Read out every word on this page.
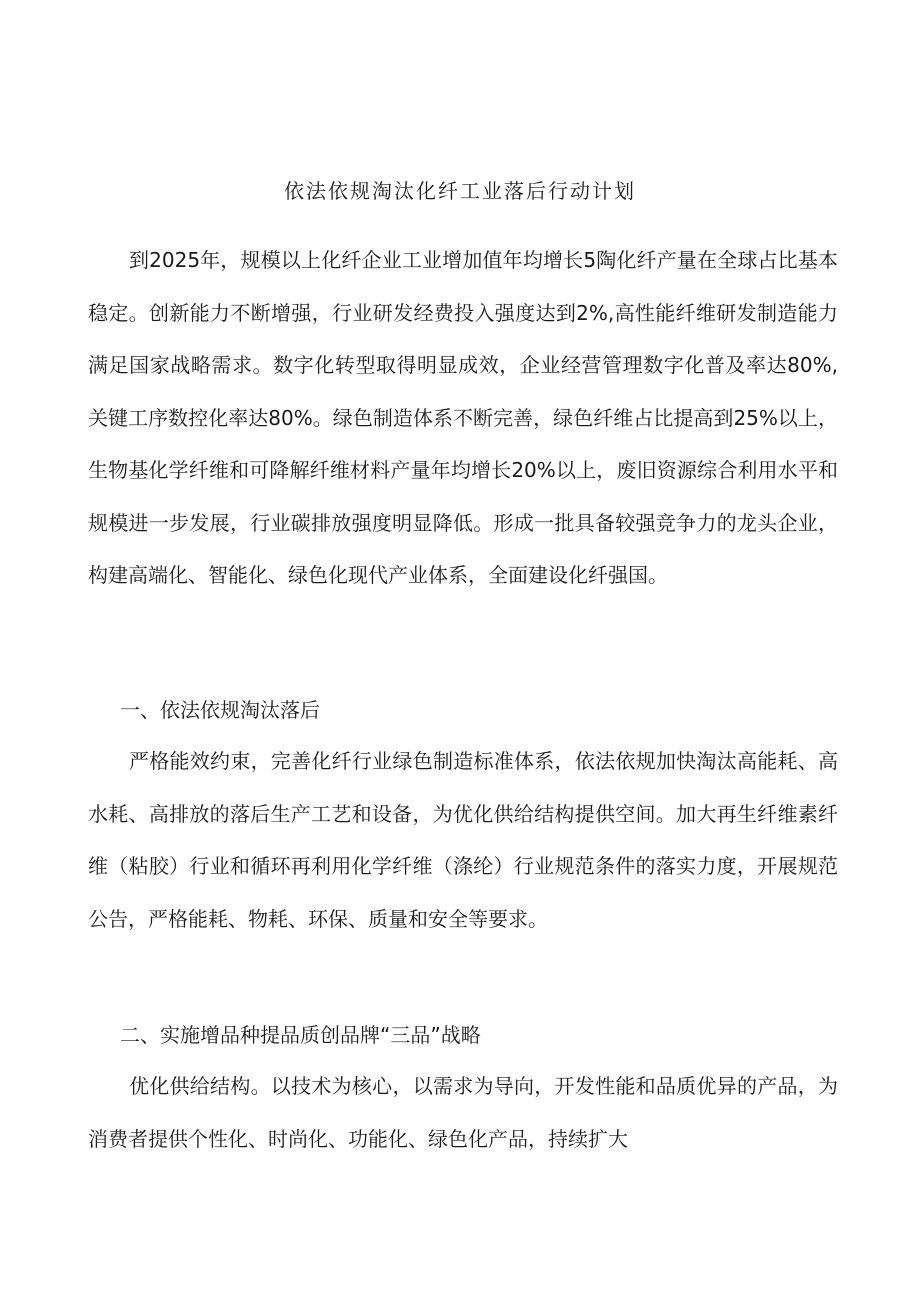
依法依规淘汰化纤工业落后行动计划

到2025年，规模以上化纤企业工业增加值年均增长5陶化纤产量在全球占比基本稳定。创新能力不断增强，行业研发经费投入强度达到2%,高性能纤维研发制造能力满足国家战略需求。数字化转型取得明显成效，企业经营管理数字化普及率达80%,关键工序数控化率达80%。绿色制造体系不断完善，绿色纤维占比提高到25%以上，生物基化学纤维和可降解纤维材料产量年均增长20%以上，废旧资源综合利用水平和规模进一步发展，行业碳排放强度明显降低。形成一批具备较强竞争力的龙头企业，构建高端化、智能化、绿色化现代产业体系，全面建设化纤强国。

一、依法依规淘汰落后

严格能效约束，完善化纤行业绿色制造标准体系，依法依规加快淘汰高能耗、高水耗、高排放的落后生产工艺和设备，为优化供给结构提供空间。加大再生纤维素纤维（粘胶）行业和循环再利用化学纤维（涤纶）行业规范条件的落实力度，开展规范公告，严格能耗、物耗、环保、质量和安全等要求。

二、实施增品种提品质创品牌“三品”战略

优化供给结构。以技术为核心，以需求为导向，开发性能和品质优异的产品，为消费者提供个性化、时尚化、功能化、绿色化产品，持续扩大
